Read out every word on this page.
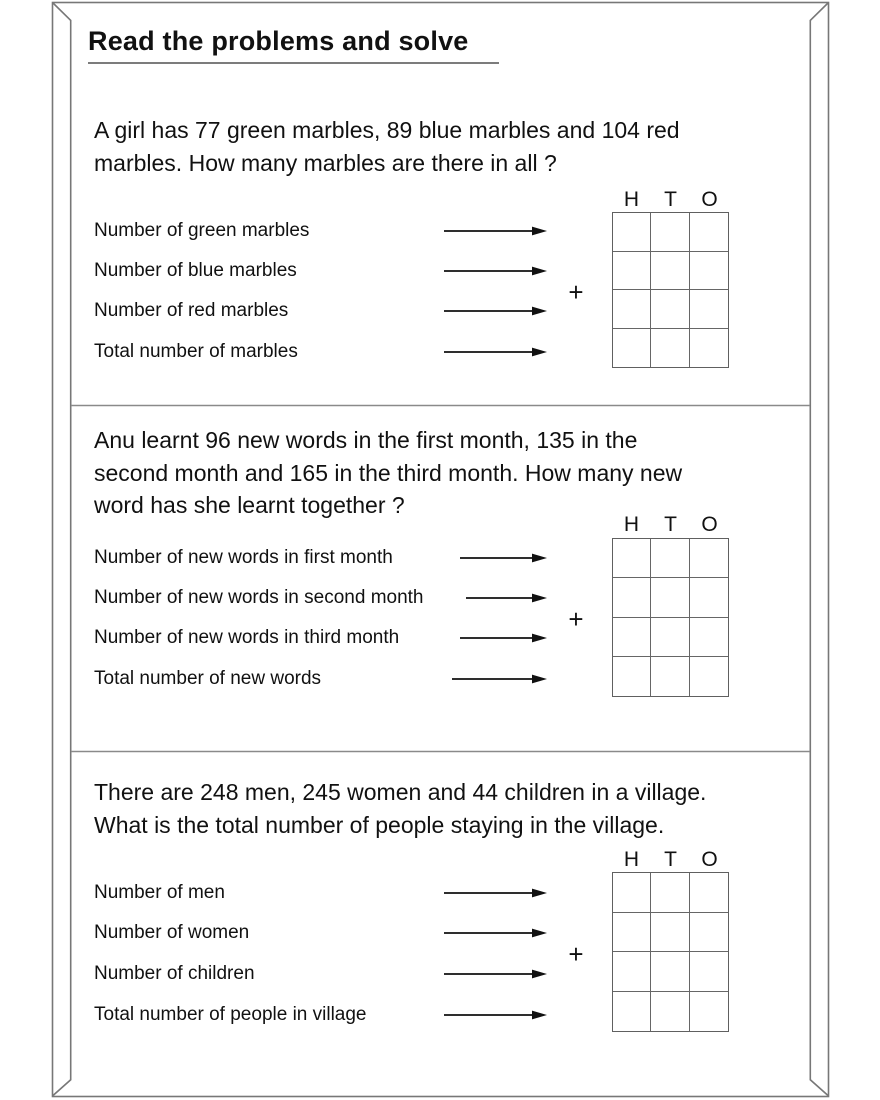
Read the problems and solve
A girl has 77 green marbles, 89 blue marbles and 104 red
marbles. How many marbles are there in all ?
Number of green marbles
Number of blue marbles
Number of red marbles
Total number of marbles
H	T	O
+
Anu learnt 96 new words in the first month, 135 in the
second month and 165 in the third month. How many new
word has she learnt together ?
Number of new words in first month
Number of new words in second month
Number of new words in third month
Total number of new words
H	T	O
+
There are 248 men, 245 women and 44 children in a village.
What is the total number of people staying in the village.
Number of men
Number of women
Number of children
Total number of people in village
H	T	O
+
